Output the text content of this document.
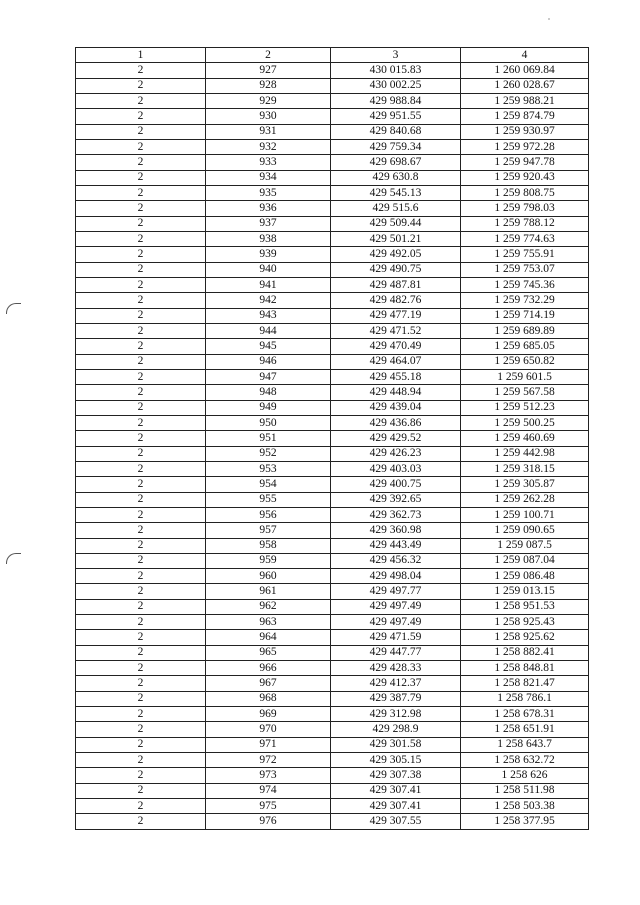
1	2	3	4
2	927	430 015.83	1 260 069.84
2	928	430 002.25	1 260 028.67
2	929	429 988.84	1 259 988.21
2	930	429 951.55	1 259 874.79
2	931	429 840.68	1 259 930.97
2	932	429 759.34	1 259 972.28
2	933	429 698.67	1 259 947.78
2	934	429 630.8	1 259 920.43
2	935	429 545.13	1 259 808.75
2	936	429 515.6	1 259 798.03
2	937	429 509.44	1 259 788.12
2	938	429 501.21	1 259 774.63
2	939	429 492.05	1 259 755.91
2	940	429 490.75	1 259 753.07
2	941	429 487.81	1 259 745.36
2	942	429 482.76	1 259 732.29
2	943	429 477.19	1 259 714.19
2	944	429 471.52	1 259 689.89
2	945	429 470.49	1 259 685.05
2	946	429 464.07	1 259 650.82
2	947	429 455.18	1 259 601.5
2	948	429 448.94	1 259 567.58
2	949	429 439.04	1 259 512.23
2	950	429 436.86	1 259 500.25
2	951	429 429.52	1 259 460.69
2	952	429 426.23	1 259 442.98
2	953	429 403.03	1 259 318.15
2	954	429 400.75	1 259 305.87
2	955	429 392.65	1 259 262.28
2	956	429 362.73	1 259 100.71
2	957	429 360.98	1 259 090.65
2	958	429 443.49	1 259 087.5
2	959	429 456.32	1 259 087.04
2	960	429 498.04	1 259 086.48
2	961	429 497.77	1 259 013.15
2	962	429 497.49	1 258 951.53
2	963	429 497.49	1 258 925.43
2	964	429 471.59	1 258 925.62
2	965	429 447.77	1 258 882.41
2	966	429 428.33	1 258 848.81
2	967	429 412.37	1 258 821.47
2	968	429 387.79	1 258 786.1
2	969	429 312.98	1 258 678.31
2	970	429 298.9	1 258 651.91
2	971	429 301.58	1 258 643.7
2	972	429 305.15	1 258 632.72
2	973	429 307.38	1 258 626
2	974	429 307.41	1 258 511.98
2	975	429 307.41	1 258 503.38
2	976	429 307.55	1 258 377.95
